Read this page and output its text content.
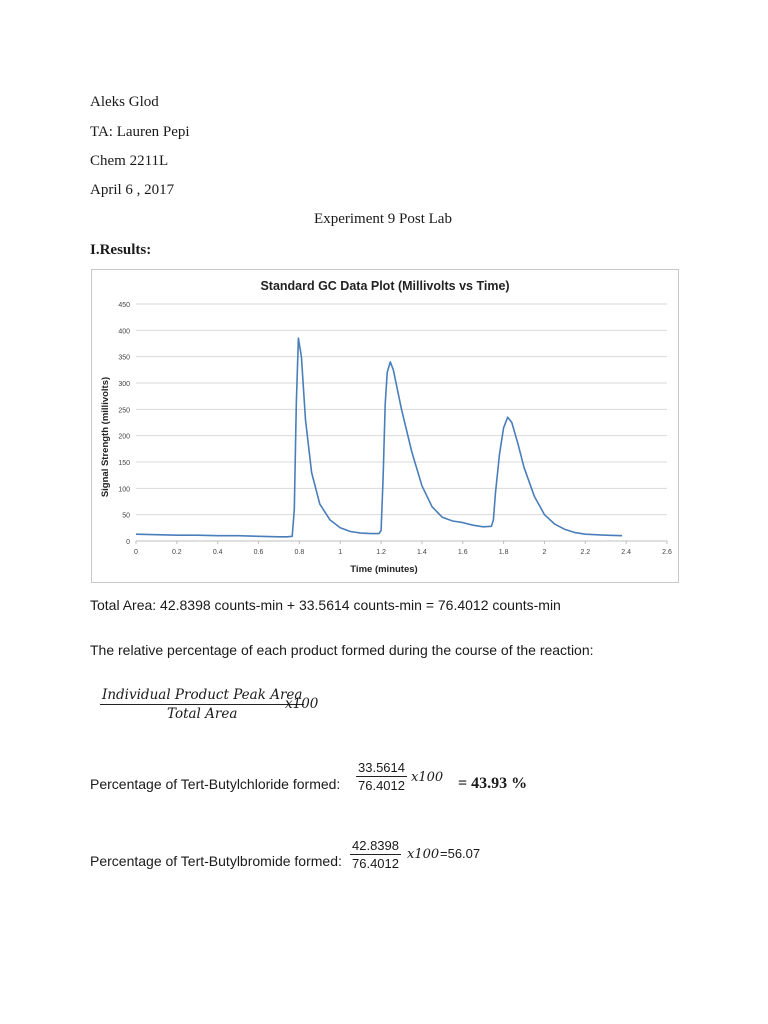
Aleks Glod
TA: Lauren Pepi
Chem 2211L
April 6 , 2017
Experiment 9 Post Lab
I.Results:
Standard GC Data Plot (Millivolts vs Time)
0
50
100
150
200
250
300
350
400
450
0	0.2	0.4	0.6	0.8	1	1.2	1.4	1.6	1.8	2	2.2	2.4	2.6
Time (minutes)
Signal Strength (millivolts)
Total Area: 42.8398 counts-min + 33.5614 counts-min = 76.4012 counts-min
The relative percentage of each product formed during the course of the reaction:
Individual Product Peak Area
Total Area
x100
Percentage of Tert-Butylchloride formed:
33.5614
76.4012
x100 = 43.93 %
Percentage of Tert-Butylbromide formed:
42.8398
76.4012
x100 =56.07
